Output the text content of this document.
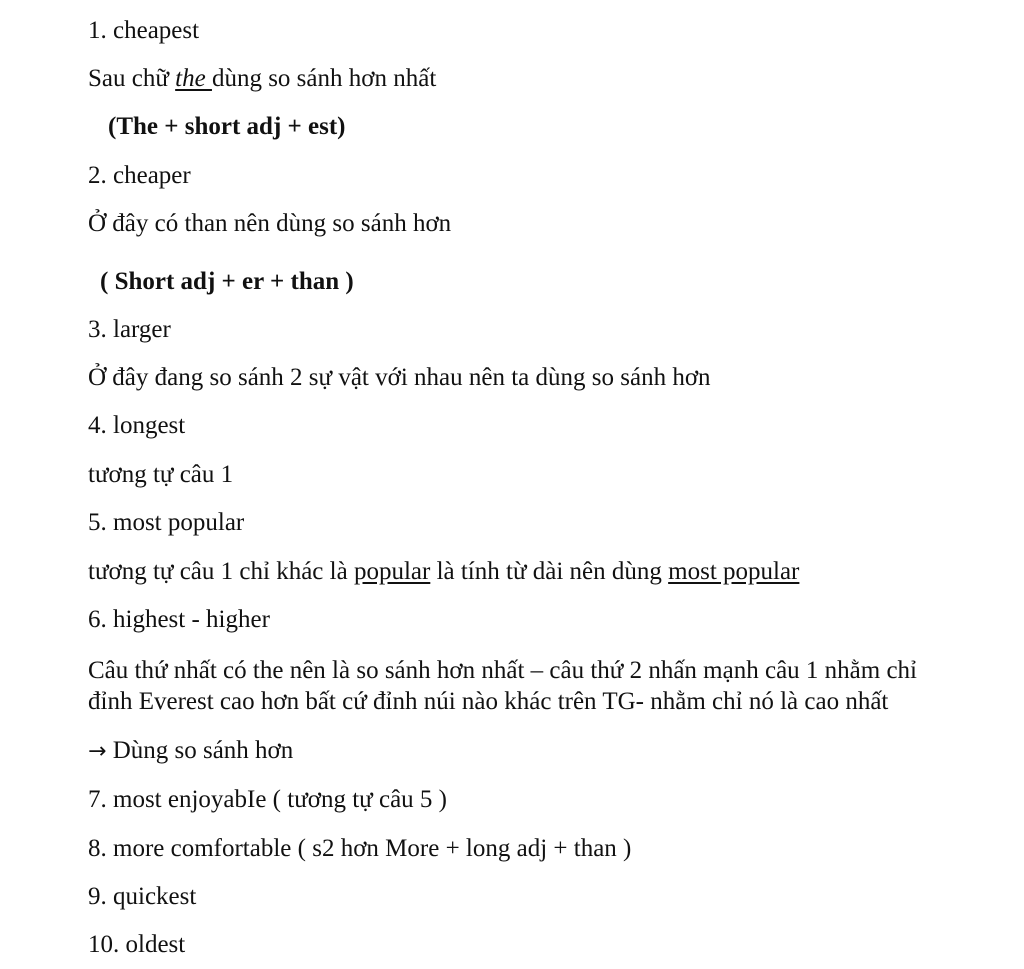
1. cheapest
Sau chữ the dùng so sánh hơn nhất
(The + short adj + est)
2. cheaper
Ở đây có than nên dùng so sánh hơn
( Short adj + er + than )
3. larger
Ở đây đang so sánh 2 sự vật với nhau nên ta dùng so sánh hơn
4. longest
tương tự câu 1
5. most popular
tương tự câu 1 chỉ khác là popular là tính từ dài nên dùng most popular
6. highest - higher
Câu thứ nhất có the nên là so sánh hơn nhất – câu thứ 2 nhấn mạnh câu 1 nhằm chỉ
đỉnh Everest cao hơn bất cứ đỉnh núi nào khác trên TG- nhằm chỉ nó là cao nhất
→ Dùng so sánh hơn
7. most enjoyabIe ( tương tự câu 5 )
8. more comfortable ( s2 hơn More + long adj + than )
9. quickest
10. oldest
